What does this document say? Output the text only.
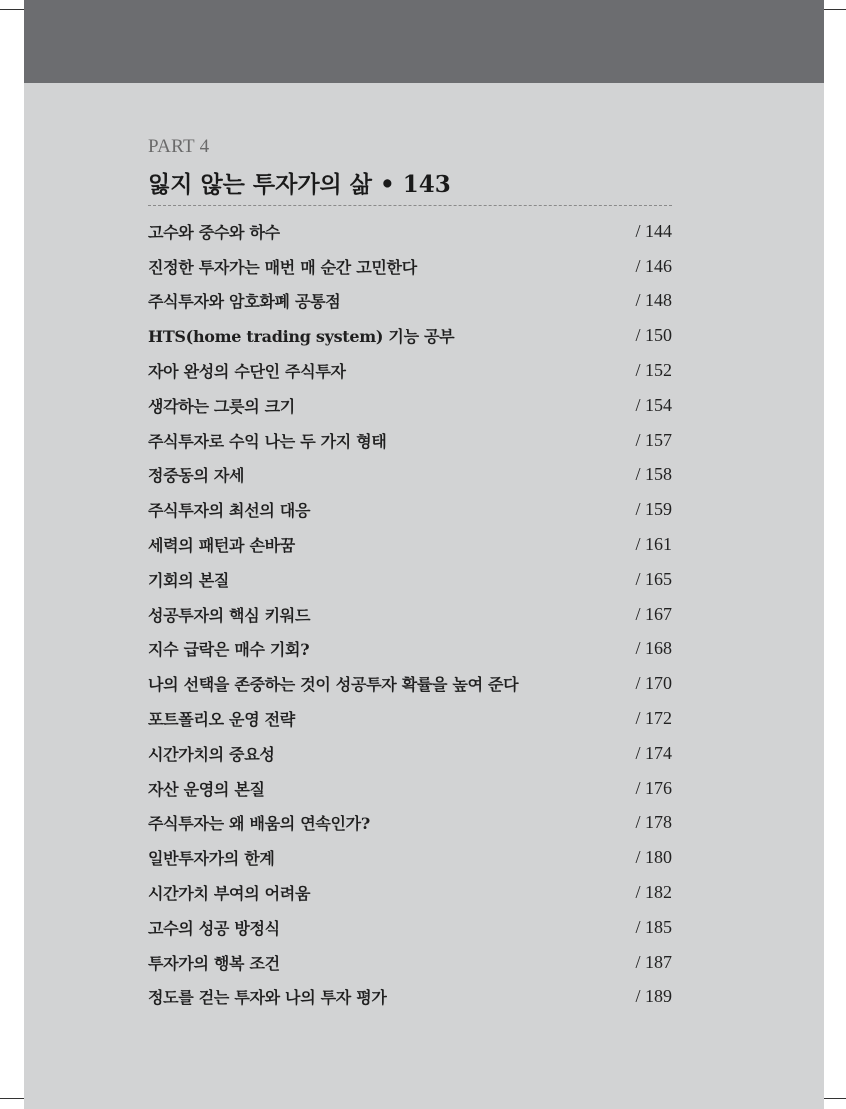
PART 4
잃지 않는 투자가의 삶 • 143
고수와 중수와 하수	/ 144
진정한 투자가는 매번 매 순간 고민한다	/ 146
주식투자와 암호화폐 공통점	/ 148
HTS(home trading system) 기능 공부	/ 150
자아 완성의 수단인 주식투자	/ 152
생각하는 그릇의 크기	/ 154
주식투자로 수익 나는 두 가지 형태	/ 157
정중동의 자세	/ 158
주식투자의 최선의 대응	/ 159
세력의 패턴과 손바꿈	/ 161
기회의 본질	/ 165
성공투자의 핵심 키워드	/ 167
지수 급락은 매수 기회?	/ 168
나의 선택을 존중하는 것이 성공투자 확률을 높여 준다	/ 170
포트폴리오 운영 전략	/ 172
시간가치의 중요성	/ 174
자산 운영의 본질	/ 176
주식투자는 왜 배움의 연속인가?	/ 178
일반투자가의 한계	/ 180
시간가치 부여의 어려움	/ 182
고수의 성공 방정식	/ 185
투자가의 행복 조건	/ 187
정도를 걷는 투자와 나의 투자 평가	/ 189
